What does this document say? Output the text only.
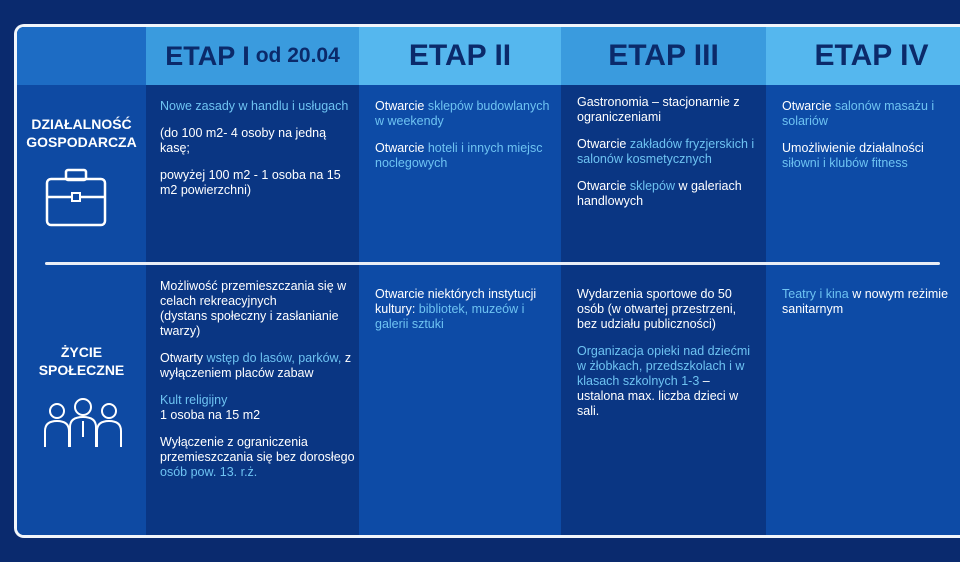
ETAP I od 20.04 ETAP II	ETAP III	ETAP IV
DZIAŁALNOŚĆ
GOSPODARCZA
ŻYCIE
SPOŁECZNE

Nowe zasady w handlu i usługach

(do 100 m2- 4 osoby na jedną kasę;

powyżej 100 m2 - 1 osoba na 15 m2 powierzchni)

Otwarcie sklepów budowlanych w weekendy

Otwarcie hoteli i innych miejsc noclegowych

Gastronomia – stacjonarnie z ograniczeniami

Otwarcie zakładów fryzjerskich i salonów kosmetycznych

Otwarcie sklepów w galeriach handlowych

Otwarcie salonów masażu i solariów

Umożliwienie działalności siłowni i klubów fitness

Możliwość przemieszczania się w celach rekreacyjnych

(dystans społeczny i zasłanianie twarzy)

Otwarty wstęp do lasów, parków, z wyłączeniem placów zabaw

Kult religijny
1 osoba na 15 m2

Wyłączenie z ograniczenia przemieszczania się bez dorosłego osób pow. 13. r.ż.

Otwarcie niektórych instytucji kultury: bibliotek, muzeów i galerii sztuki

Wydarzenia sportowe do 50 osób (w otwartej przestrzeni, bez udziału publiczności)

Organizacja opieki nad dziećmi w żłobkach, przedszkolach i w klasach szkolnych 1-3 – ustalona max. liczba dzieci w sali.

Teatry i kina w nowym reżimie sanitarnym
